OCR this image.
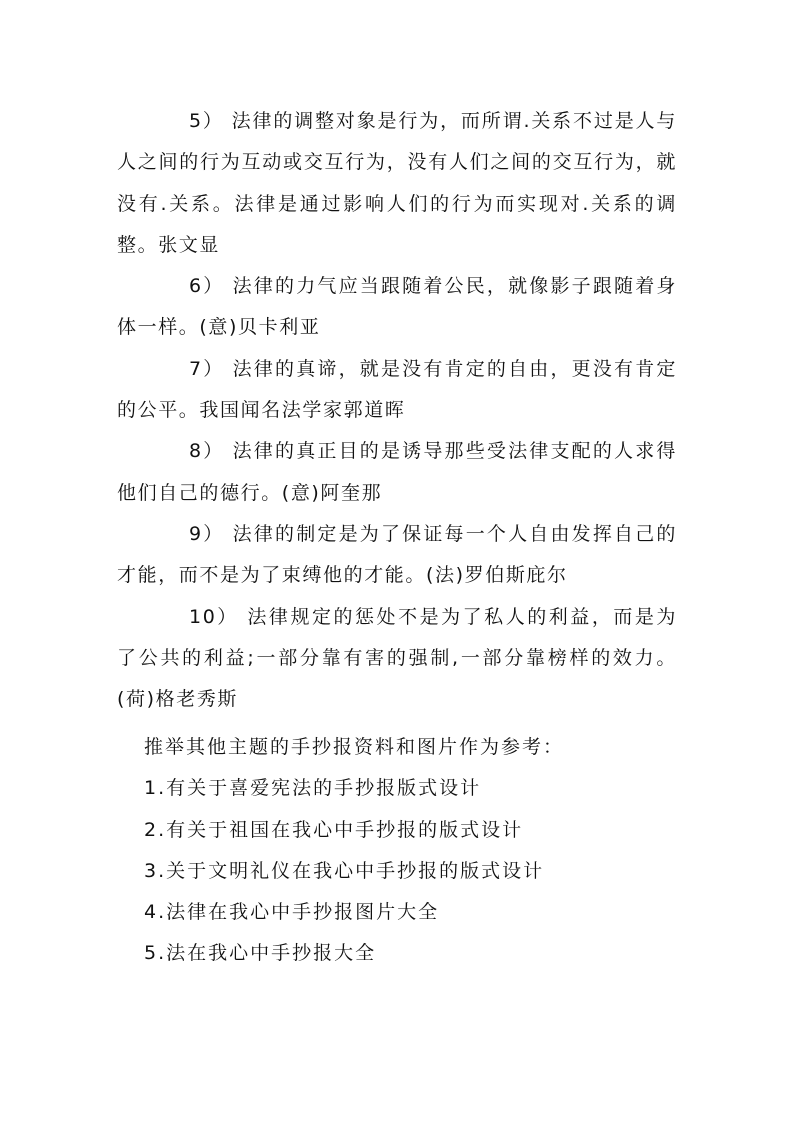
5） 法律的调整对象是行为，而所谓.关系不过是人与人之间的行为互动或交互行为，没有人们之间的交互行为，就没有.关系。法律是通过影响人们的行为而实现对.关系的调整。张文显

6） 法律的力气应当跟随着公民，就像影子跟随着身体一样。(意)贝卡利亚

7） 法律的真谛，就是没有肯定的自由，更没有肯定的公平。我国闻名法学家郭道晖

8） 法律的真正目的是诱导那些受法律支配的人求得他们自己的德行。(意)阿奎那

9） 法律的制定是为了保证每一个人自由发挥自己的才能，而不是为了束缚他的才能。(法)罗伯斯庇尔

10） 法律规定的惩处不是为了私人的利益，而是为了公共的利益;一部分靠有害的强制,一部分靠榜样的效力。(荷)格老秀斯

推举其他主题的手抄报资料和图片作为参考：

1.有关于喜爱宪法的手抄报版式设计
2.有关于祖国在我心中手抄报的版式设计
3.关于文明礼仪在我心中手抄报的版式设计
4.法律在我心中手抄报图片大全
5.法在我心中手抄报大全
